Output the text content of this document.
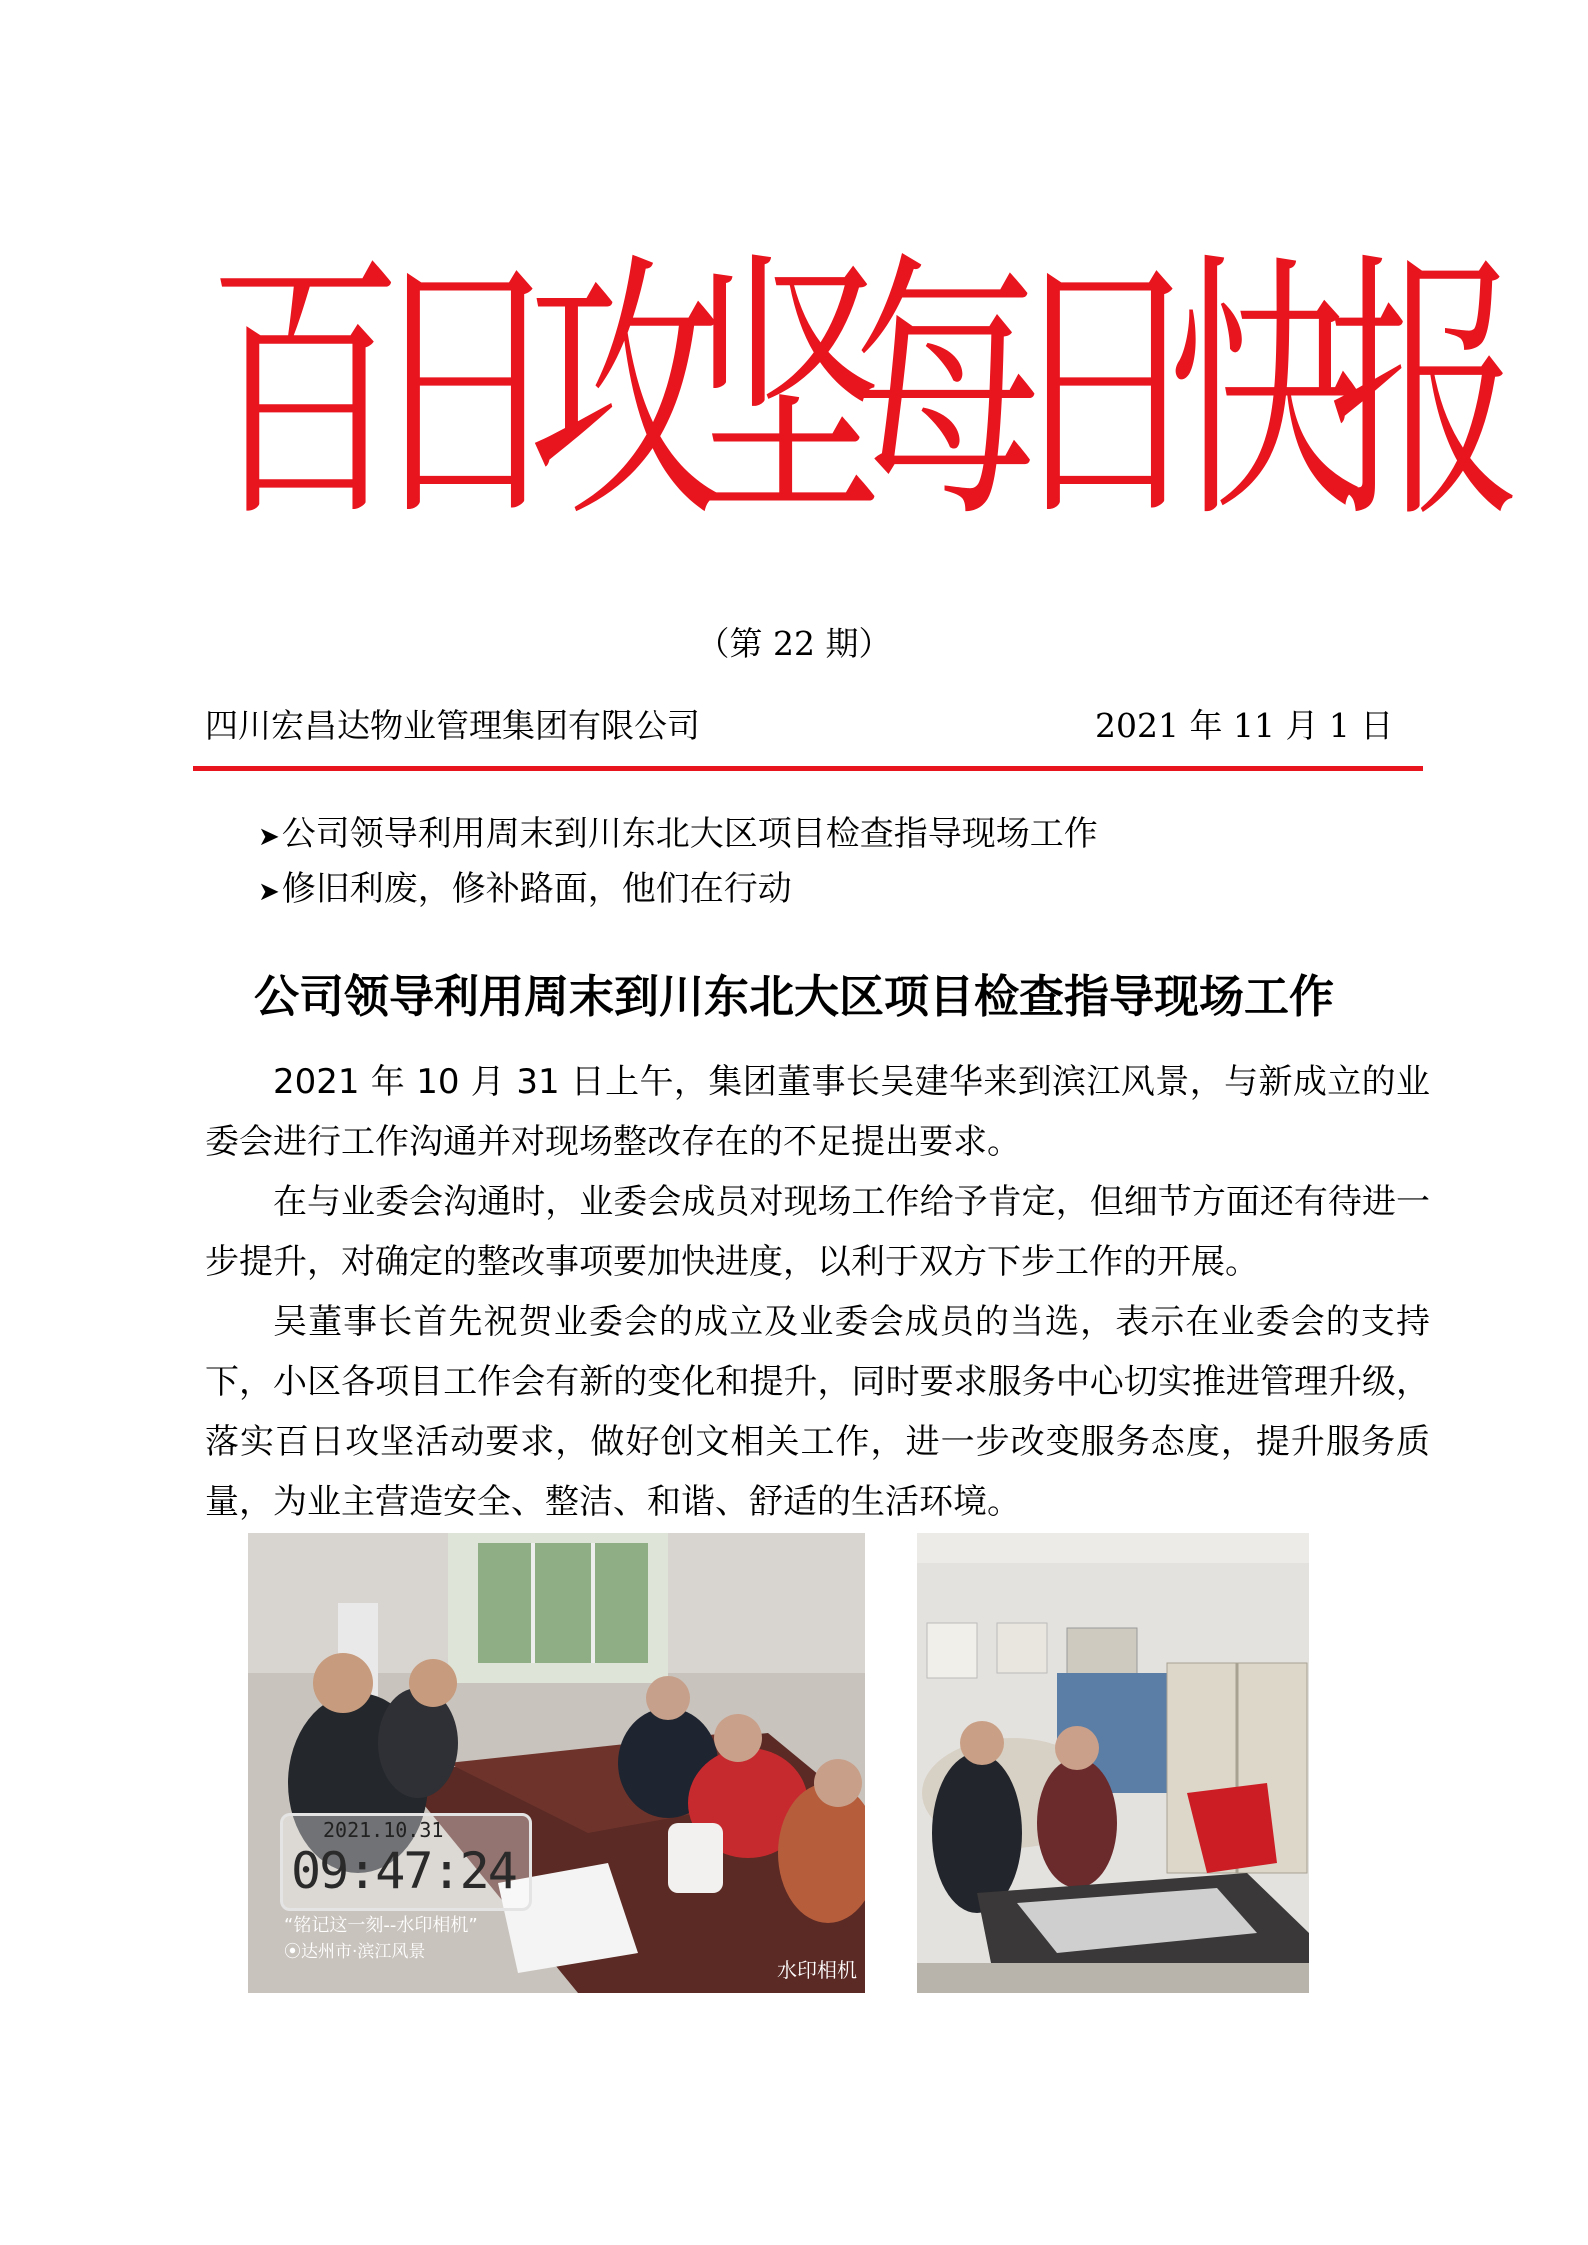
百
日
攻
坚
每
日
快
报
（第 22 期）
四川宏昌达物业管理集团有限公司	2021 年 11 月 1 日
➤公司领导利用周末到川东北大区项目检查指导现场工作
➤修旧利废，修补路面，他们在行动
公司领导利用周末到川东北大区项目检查指导现场工作

2021 年 10 月 31 日上午，集团董事长吴建华来到滨江风景，与新成立的业委会进行工作沟通并对现场整改存在的不足提出要求。

在与业委会沟通时，业委会成员对现场工作给予肯定，但细节方面还有待进一步提升，对确定的整改事项要加快进度，以利于双方下步工作的开展。

吴董事长首先祝贺业委会的成立及业委会成员的当选，表示在业委会的支持下，小区各项目工作会有新的变化和提升，同时要求服务中心切实推进管理升级，落实百日攻坚活动要求，做好创文相关工作，进一步改变服务态度，提升服务质量，为业主营造安全、整洁、和谐、舒适的生活环境。

2021.10.31
09:47:24
“铭记这一刻--水印相机”
⦿达州市·滨江风景
水印相机
